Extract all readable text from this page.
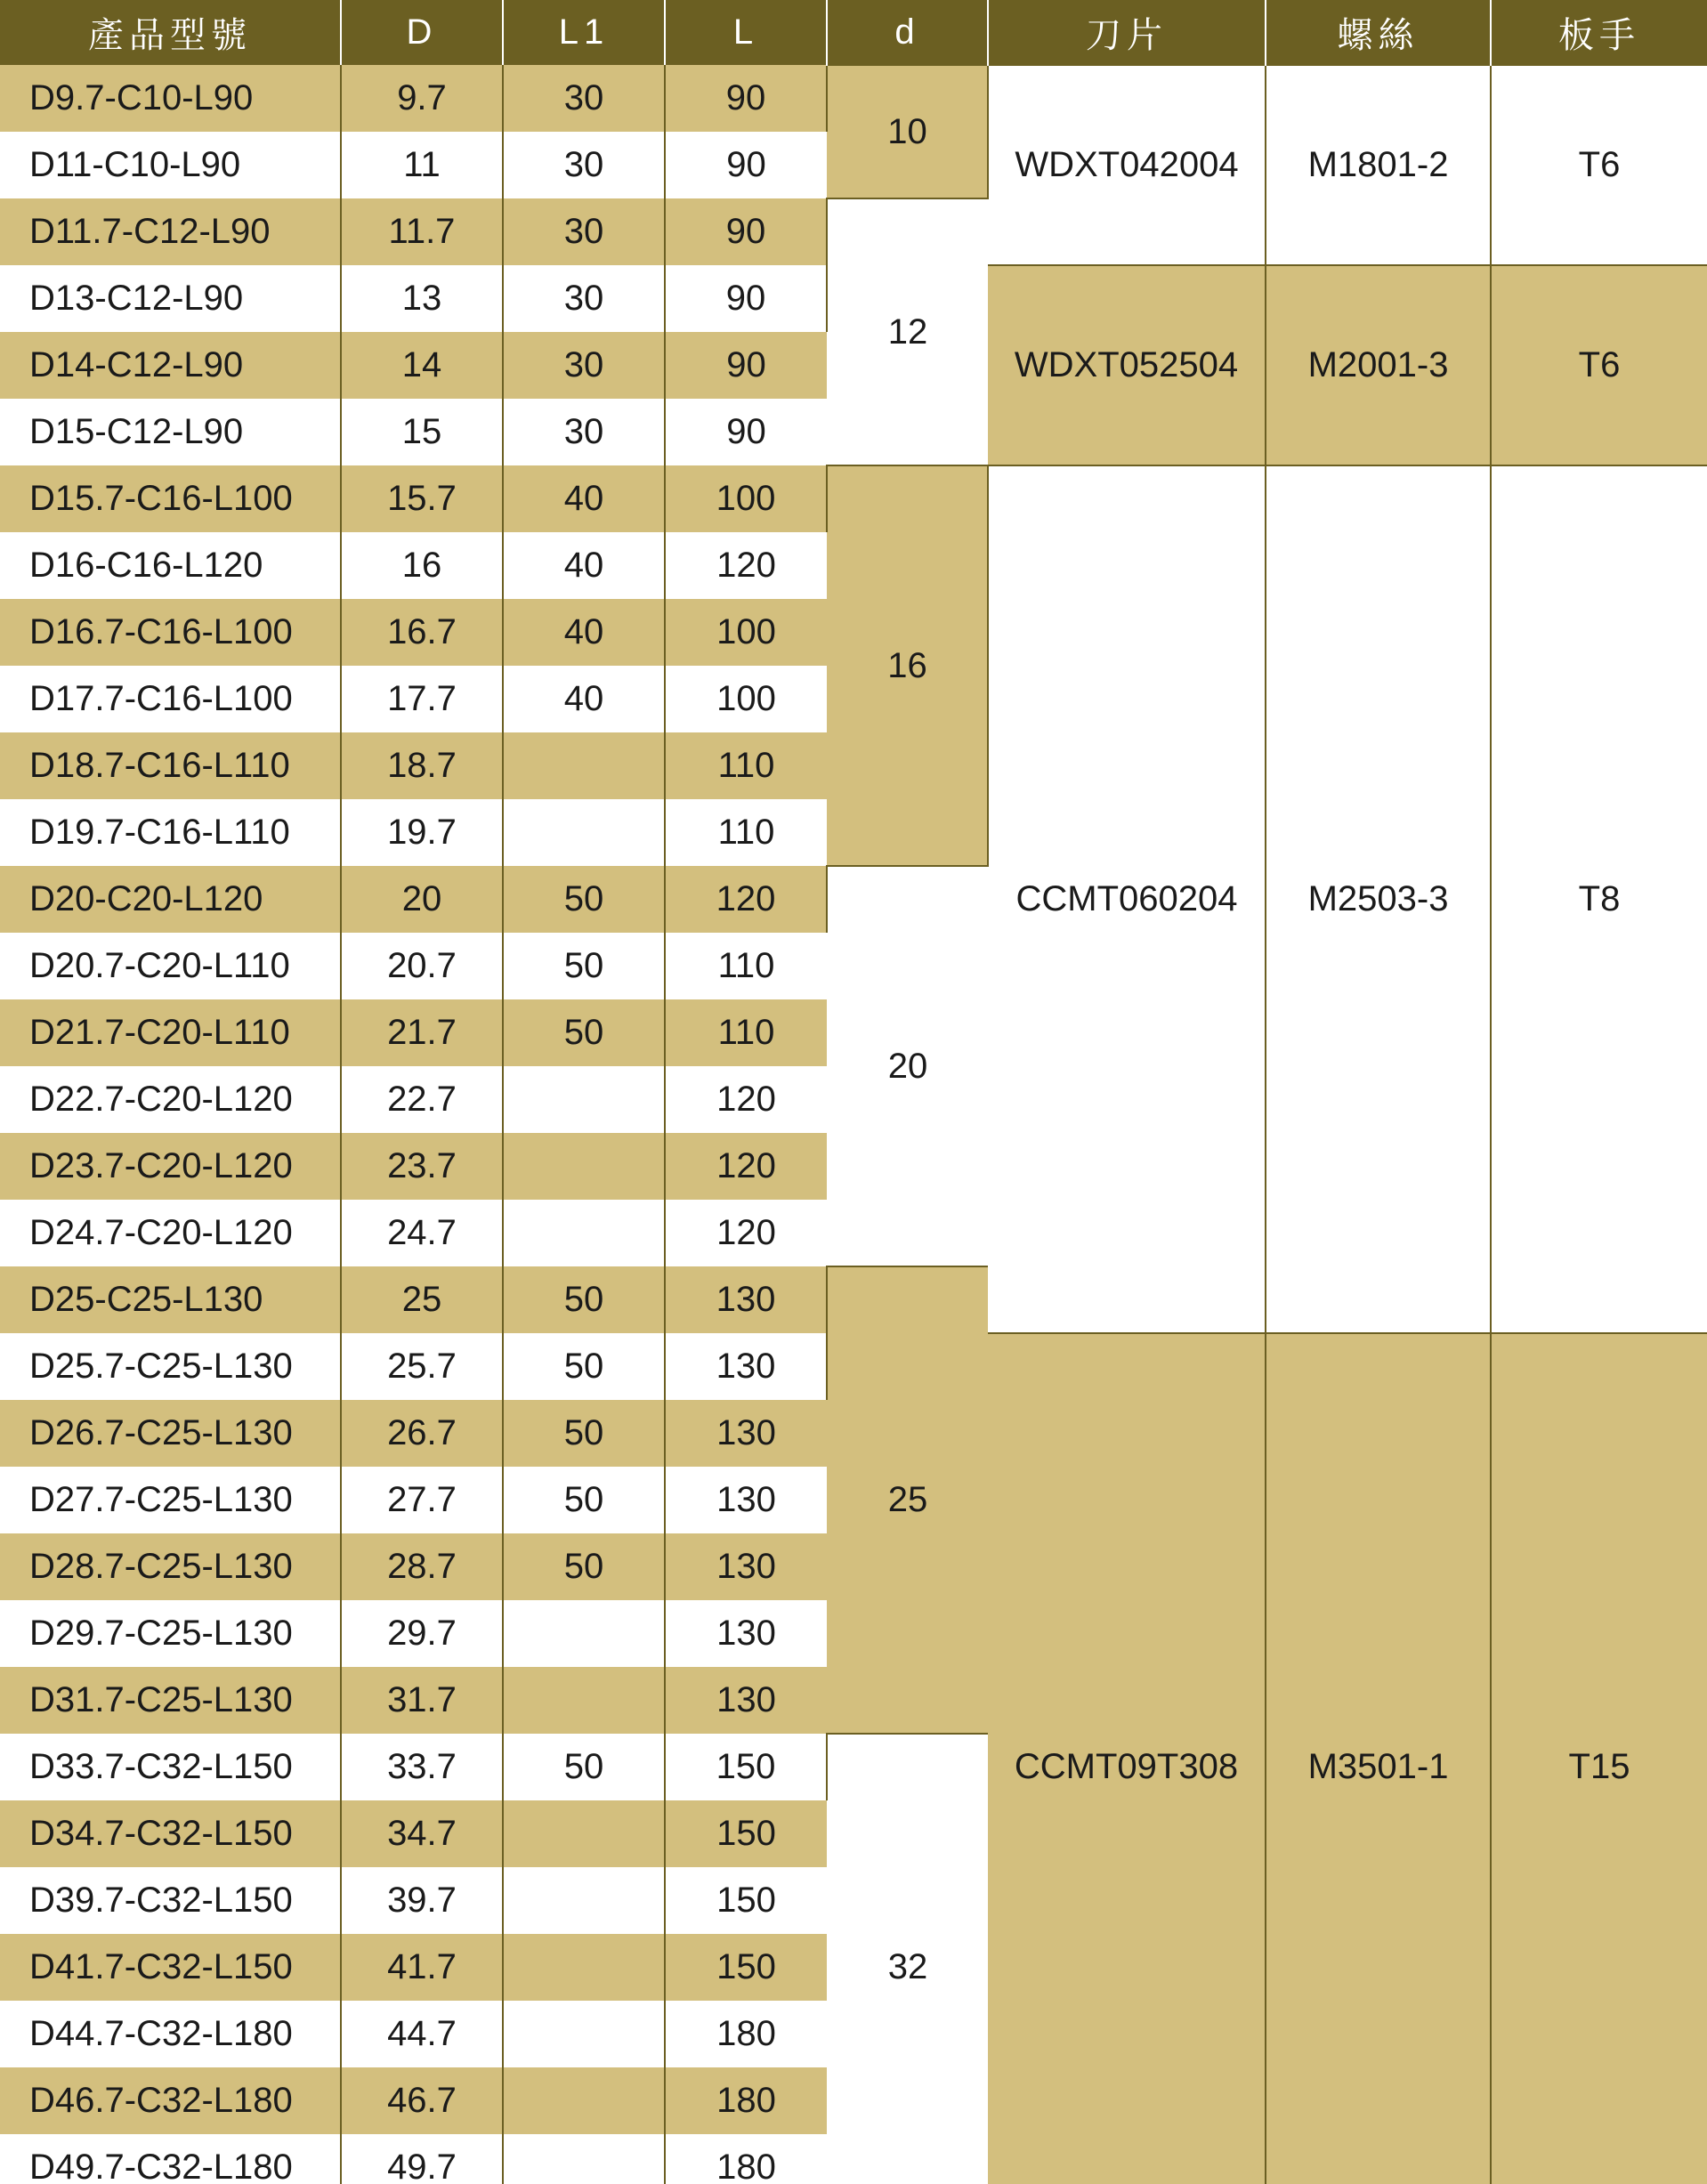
產品型號	D	L1	L	d	刀片	螺絲	板手
D9.7-C10-L90	9.7	30	90	10	WDXT042004	M1801-2	T6
D11-C10-L90	11	30	90				
D11.7-C12-L90	11.7	30	90	12			
D13-C12-L90	13	30	90		WDXT052504	M2001-3	T6
D14-C12-L90	14	30	90				
D15-C12-L90	15	30	90				
D15.7-C16-L100	15.7	40	100	16	CCMT060204	M2503-3	T8
D16-C16-L120	16	40	120				
D16.7-C16-L100	16.7	40	100				
D17.7-C16-L100	17.7	40	100				
D18.7-C16-L110	18.7		110				
D19.7-C16-L110	19.7		110				
D20-C20-L120	20	50	120	20			
D20.7-C20-L110	20.7	50	110				
D21.7-C20-L110	21.7	50	110				
D22.7-C20-L120	22.7		120				
D23.7-C20-L120	23.7		120				
D24.7-C20-L120	24.7		120				
D25-C25-L130	25	50	130	25			
D25.7-C25-L130	25.7	50	130		CCMT09T308	M3501-1	T15
D26.7-C25-L130	26.7	50	130				
D27.7-C25-L130	27.7	50	130				
D28.7-C25-L130	28.7	50	130				
D29.7-C25-L130	29.7		130				
D31.7-C25-L130	31.7		130				
D33.7-C32-L150	33.7	50	150	32			
D34.7-C32-L150	34.7		150				
D39.7-C32-L150	39.7		150				
D41.7-C32-L150	41.7		150				
D44.7-C32-L180	44.7		180				
D46.7-C32-L180	46.7		180				
D49.7-C32-L180	49.7		180				
